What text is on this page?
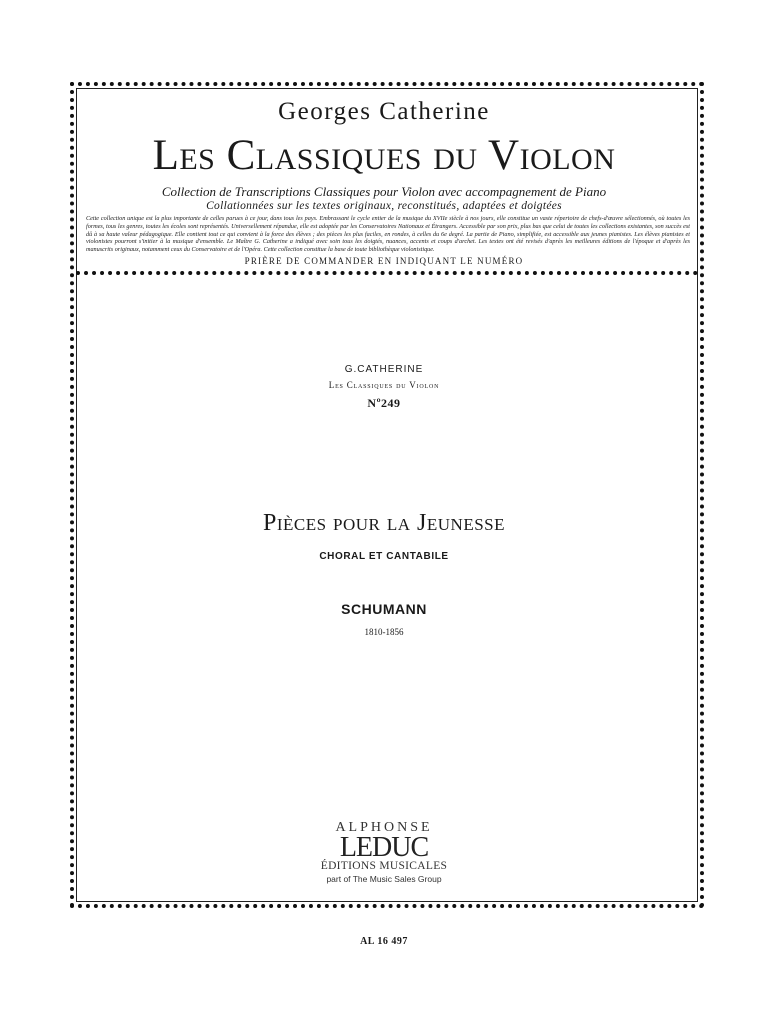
Georges Catherine
Les Classiques du Violon
Collection de Transcriptions Classiques pour Violon avec accompagnement de Piano
Collationnées sur les textes originaux, reconstitués, adaptées et doigtées
Cette collection unique est la plus importante de celles parues à ce jour, dans tous les pays. Embrassant le cycle entier de la musique du XVIIe siècle à nos jours, elle constitue un vaste répertoire de chefs-d'œuvre sélectionnés, où toutes les formes, tous les genres, toutes les écoles sont représentés. Universellement répandue, elle est adoptée par les Conservatoires Nationaux et Étrangers. Accessible par son prix, plus bas que celui de toutes les collections existantes, son succès est dû à sa haute valeur pédagogique. Elle contient tout ce qui convient à la force des élèves ; des pièces les plus faciles, en rondes, à celles du 6e degré. La partie de Piano, simplifiée, est accessible aux jeunes pianistes. Les élèves pianistes et violonistes pourront s'initier à la musique d'ensemble. Le Maître G. Catherine a indiqué avec soin tous les doigtés, nuances, accents et coups d'archet. Les textes ont été revisés d'après les meilleures éditions de l'époque et d'après les manuscrits originaux, notamment ceux du Conservatoire et de l'Opéra. Cette collection constitue la base de toute bibliothèque violonistique.
PRIÈRE DE COMMANDER EN INDIQUANT LE NUMÉRO
G.CATHERINE
Les Classiques du Violon
Nº249
Pièces pour la Jeunesse
CHORAL ET CANTABILE
SCHUMANN
1810-1856
ALPHONSE
LEDUC
ÉDITIONS MUSICALES
part of The Music Sales Group
AL 16 497
